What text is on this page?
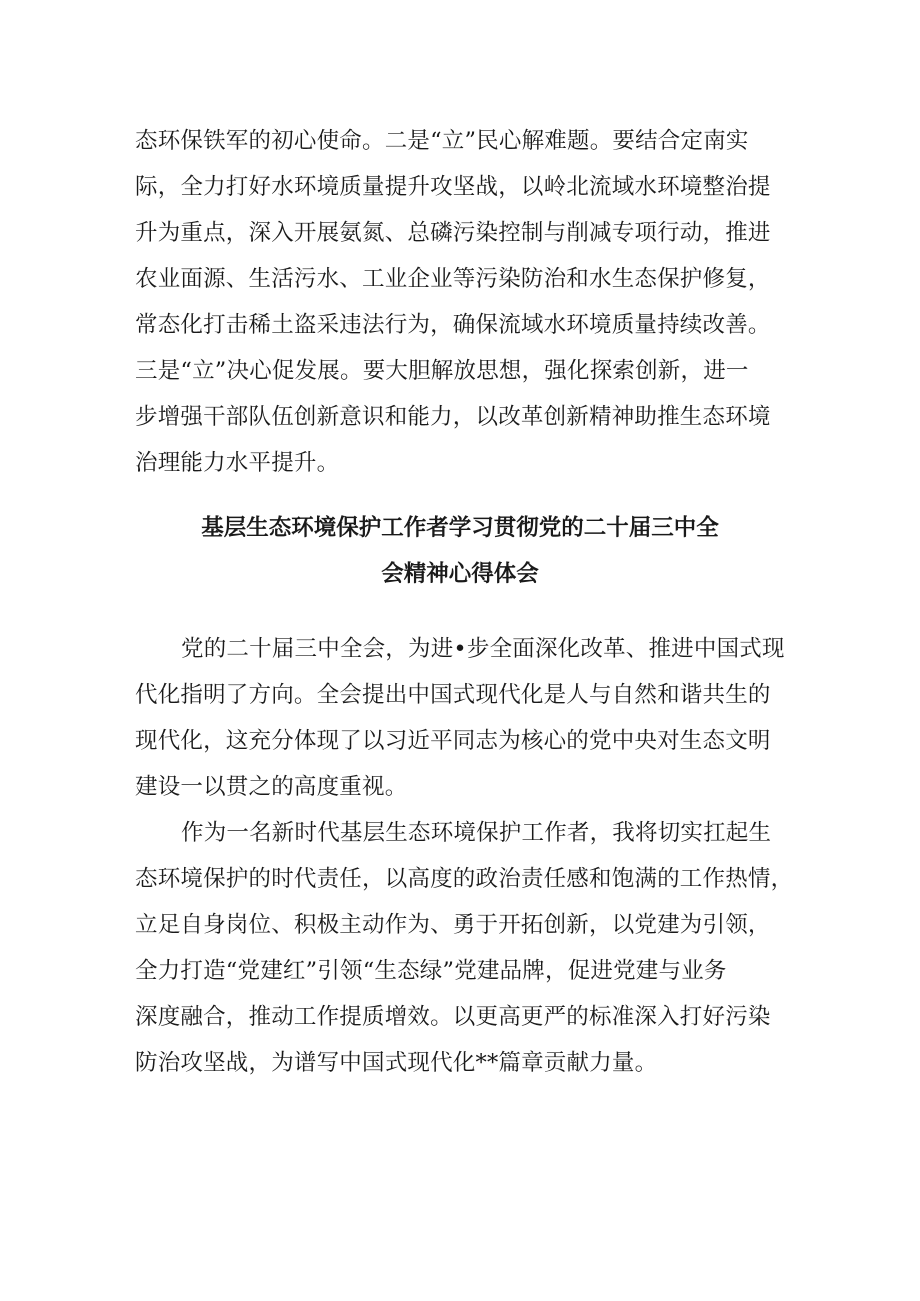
态环保铁军的初心使命。二是“立”民心解难题。要结合定南实
际，全力打好水环境质量提升攻坚战，以岭北流域水环境整治提
升为重点，深入开展氨氮、总磷污染控制与削减专项行动，推进
农业面源、生活污水、工业企业等污染防治和水生态保护修复，
常态化打击稀土盗采违法行为，确保流域水环境质量持续改善。
三是“立”决心促发展。要大胆解放思想，强化探索创新，进一
步增强干部队伍创新意识和能力，以改革创新精神助推生态环境
治理能力水平提升。
基层生态环境保护工作者学习贯彻党的二十届三中全
会精神心得体会
党的二十届三中全会，为进•步全面深化改革、推进中国式现
代化指明了方向。全会提出中国式现代化是人与自然和谐共生的
现代化，这充分体现了以习近平同志为核心的党中央对生态文明
建设一以贯之的高度重视。
作为一名新时代基层生态环境保护工作者，我将切实扛起生
态环境保护的时代责任，以高度的政治责任感和饱满的工作热情，
立足自身岗位、积极主动作为、勇于开拓创新，以党建为引领，
全力打造“党建红”引领“生态绿”党建品牌，促进党建与业务
深度融合，推动工作提质增效。以更高更严的标准深入打好污染
防治攻坚战，为谱写中国式现代化**篇章贡献力量。
